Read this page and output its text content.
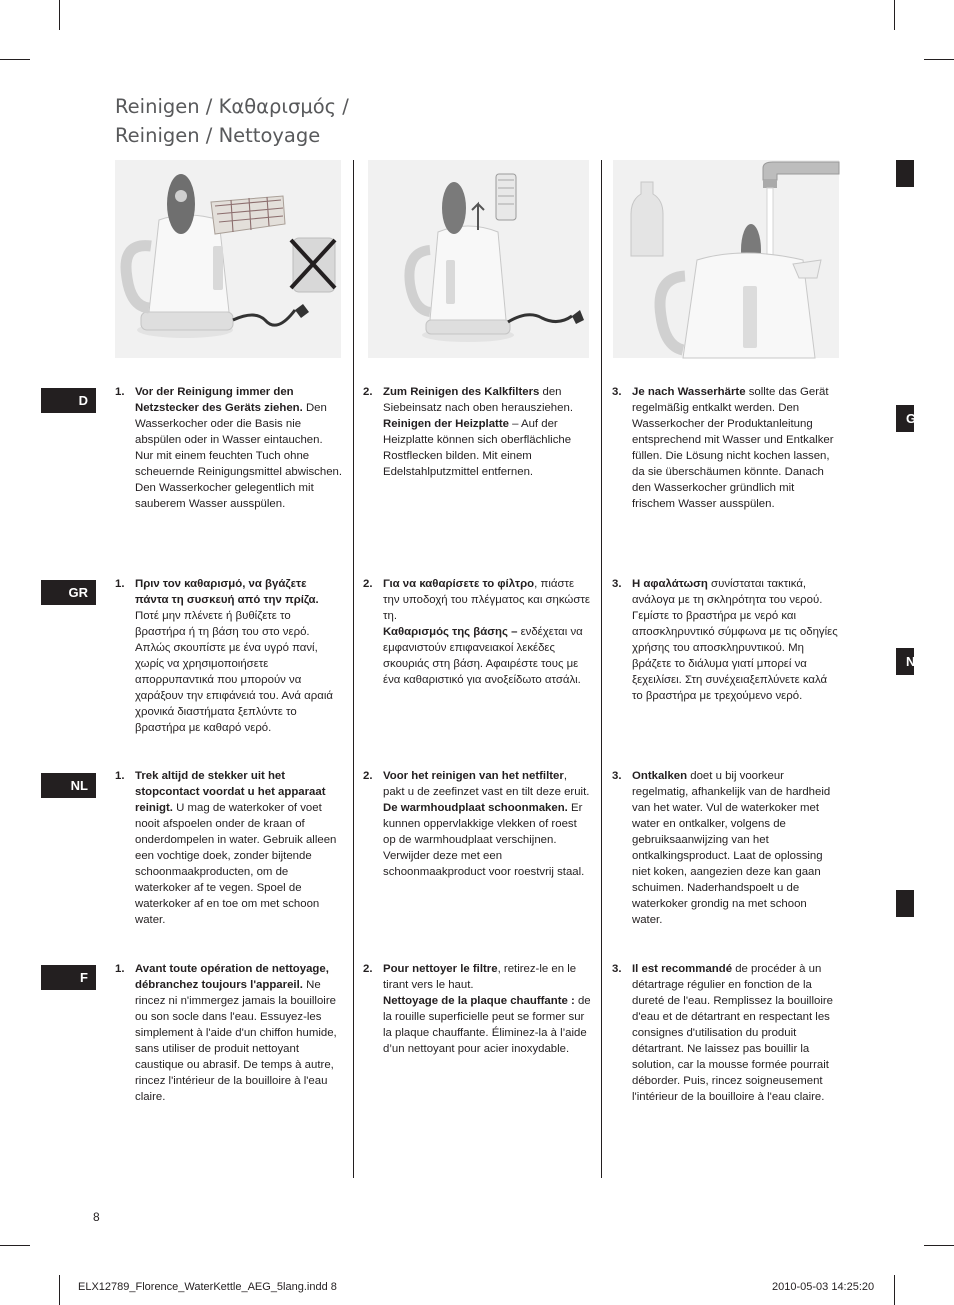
Reinigen / Καθαρισμός /
Reinigen / Nettoyage
D
GR
NL
F
G
N
1. Vor der Reinigung immer den Netzstecker des Geräts ziehen. Den Wasserkocher oder die Basis nie abspülen oder in Wasser eintauchen. Nur mit einem feuchten Tuch ohne scheuernde Reinigungsmittel abwischen. Den Wasserkocher gelegentlich mit sauberem Wasser ausspülen.
2. Zum Reinigen des Kalkfilters den Siebeinsatz nach oben herausziehen.
Reinigen der Heizplatte – Auf der Heizplatte können sich oberflächliche Rostflecken bilden. Mit einem Edelstahlputzmittel entfernen.
3. Je nach Wasserhärte sollte das Gerät regelmäßig entkalkt werden. Den Wasserkocher der Produktanleitung entsprechend mit Wasser und Entkalker füllen. Die Lösung nicht kochen lassen, da sie überschäumen könnte. Danach den Wasserkocher gründlich mit frischem Wasser ausspülen.
1. Πριν τον καθαρισμό, να βγάζετε πάντα τη συσκευή από την πρίζα. Ποτέ μην πλένετε ή βυθίζετε το βραστήρα ή τη βάση του στο νερό. Απλώς σκουπίστε με ένα υγρό πανί, χωρίς να χρησιμοποιήσετε απορρυπαντικά που μπορούν να χαράξουν την επιφάνειά του. Ανά αραιά χρονικά διαστήματα ξεπλύντε το βραστήρα με καθαρό νερό.
2. Για να καθαρίσετε το φίλτρο, πιάστε την υποδοχή του πλέγματος και σηκώστε τη.
Καθαρισμός της βάσης – ενδέχεται να εμφανιστούν επιφανειακοί λεκέδες σκουριάς στη βάση. Αφαιρέστε τους με ένα καθαριστικό για ανοξείδωτο ατσάλι.
3. Η αφαλάτωση συνίσταται τακτικά, ανάλογα με τη σκληρότητα του νερού. Γεμίστε το βραστήρα με νερό και αποσκληρυντικό σύμφωνα με τις οδηγίες χρήσης του αποσκληρυντικού. Μη βράζετε το διάλυμα γιατί μπορεί να ξεχειλίσει. Στη συνέχειαξεπλύνετε καλά το βραστήρα με τρεχούμενο νερό.
1. Trek altijd de stekker uit het stopcontact voordat u het apparaat reinigt. U mag de waterkoker of voet nooit afspoelen onder de kraan of onderdompelen in water. Gebruik alleen een vochtige doek, zonder bijtende schoonmaakproducten, om de waterkoker af te vegen. Spoel de waterkoker af en toe om met schoon water.
2. Voor het reinigen van het netfilter, pakt u de zeefinzet vast en tilt deze eruit.
De warmhoudplaat schoonmaken. Er kunnen oppervlakkige vlekken of roest op de warmhoudplaat verschijnen. Verwijder deze met een schoonmaakproduct voor roestvrij staal.
3. Ontkalken doet u bij voorkeur regelmatig, afhankelijk van de hardheid van het water. Vul de waterkoker met water en ontkalker, volgens de gebruiksaanwijzing van het ontkalkingsproduct. Laat de oplossing niet koken, aangezien deze kan gaan schuimen. Naderhandspoelt u de waterkoker grondig na met schoon water.
1. Avant toute opération de nettoyage, débranchez toujours l'appareil. Ne rincez ni n'immergez jamais la bouilloire ou son socle dans l'eau. Essuyez-les simplement à l'aide d'un chiffon humide, sans utiliser de produit nettoyant caustique ou abrasif. De temps à autre, rincez l'intérieur de la bouilloire à l'eau claire.
2. Pour nettoyer le filtre, retirez-le en le tirant vers le haut.
Nettoyage de la plaque chauffante : de la rouille superficielle peut se former sur la plaque chauffante. Éliminez-la à l’aide d’un nettoyant pour acier inoxydable.
3. Il est recommandé de procéder à un détartrage régulier en fonction de la dureté de l'eau. Remplissez la bouilloire d'eau et de détartrant en respectant les consignes d'utilisation du produit détartrant. Ne laissez pas bouillir la solution, car la mousse formée pourrait déborder. Puis, rincez soigneusement l'intérieur de la bouilloire à l'eau claire.
8
ELX12789_Florence_WaterKettle_AEG_5lang.indd 8	2010-05-03 14:25:20
